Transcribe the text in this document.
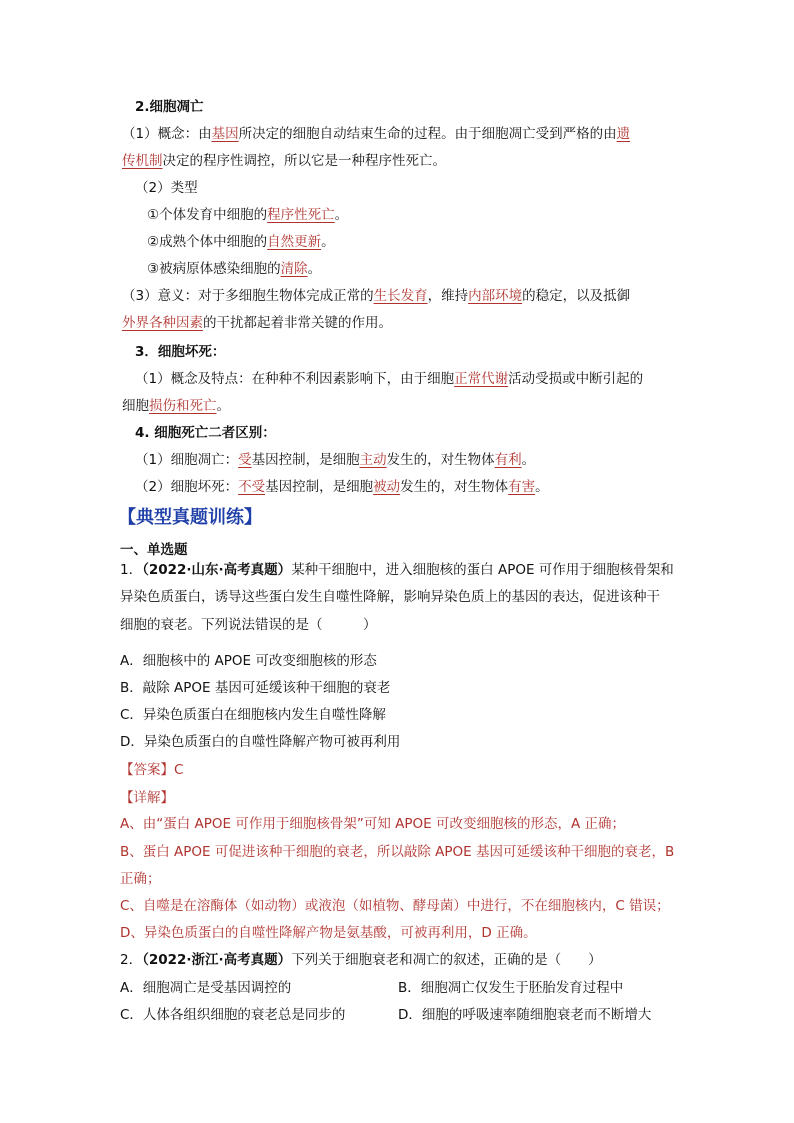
2.细胞凋亡
（1）概念：由基因所决定的细胞自动结束生命的过程。由于细胞凋亡受到严格的由遗
传机制决定的程序性调控，所以它是一种程序性死亡。
（2）类型
①个体发育中细胞的程序性死亡。
②成熟个体中细胞的自然更新。
③被病原体感染细胞的清除。
（3）意义：对于多细胞生物体完成正常的生长发育，维持内部环境的稳定，以及抵御
外界各种因素的干扰都起着非常关键的作用。
3．细胞坏死：
（1）概念及特点：在种种不利因素影响下，由于细胞正常代谢活动受损或中断引起的
细胞损伤和死亡。
4. 细胞死亡二者区别：
（1）细胞凋亡：受基因控制，是细胞主动发生的，对生物体有利。
（2）细胞坏死：不受基因控制，是细胞被动发生的，对生物体有害。
【典型真题训练】
一、单选题
1．（2022·山东·高考真题）某种干细胞中，进入细胞核的蛋白 APOE 可作用于细胞核骨架和
异染色质蛋白，诱导这些蛋白发生自噬性降解，影响异染色质上的基因的表达，促进该种干
细胞的衰老。下列说法错误的是（　　　）
A．细胞核中的 APOE 可改变细胞核的形态
B．敲除 APOE 基因可延缓该种干细胞的衰老
C．异染色质蛋白在细胞核内发生自噬性降解
D．异染色质蛋白的自噬性降解产物可被再利用
【答案】C
【详解】
A、由“蛋白 APOE 可作用于细胞核骨架”可知 APOE 可改变细胞核的形态，A 正确；
B、蛋白 APOE 可促进该种干细胞的衰老，所以敲除 APOE 基因可延缓该种干细胞的衰老，B
正确；
C、自噬是在溶酶体（如动物）或液泡（如植物、酵母菌）中进行，不在细胞核内，C 错误；
D、异染色质蛋白的自噬性降解产物是氨基酸，可被再利用，D 正确。
2．（2022·浙江·高考真题）下列关于细胞衰老和凋亡的叙述，正确的是（　　）
A．细胞凋亡是受基因调控的	B．细胞凋亡仅发生于胚胎发育过程中
C．人体各组织细胞的衰老总是同步的	D．细胞的呼吸速率随细胞衰老而不断增大
